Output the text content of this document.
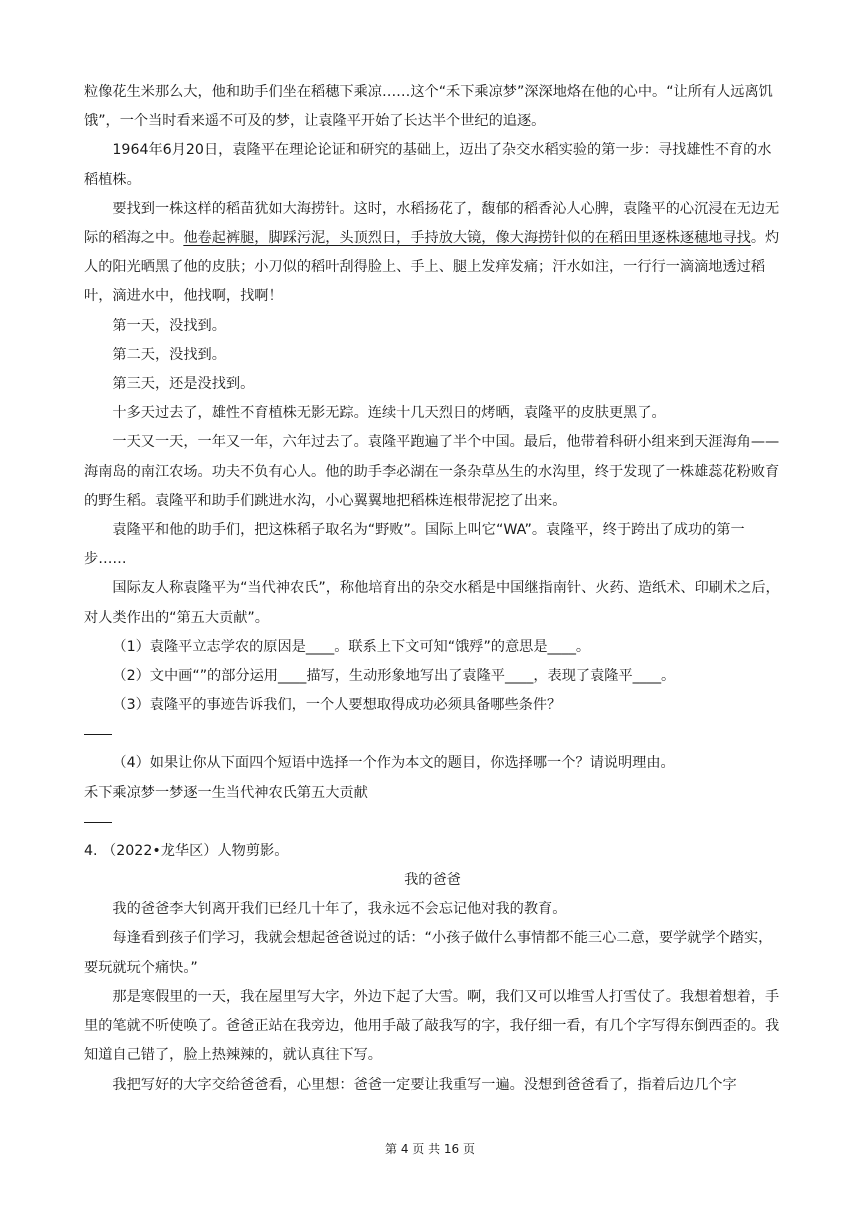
粒像花生米那么大，他和助手们坐在稻穗下乘凉……这个“禾下乘凉梦”深深地烙在他的心中。“让所有人远离饥饿”，一个当时看来遥不可及的梦，让袁隆平开始了长达半个世纪的追逐。

1964年6月20日，袁隆平在理论论证和研究的基础上，迈出了杂交水稻实验的第一步：寻找雄性不育的水稻植株。

要找到一株这样的稻苗犹如大海捞针。这时，水稻扬花了，馥郁的稻香沁人心脾，袁隆平的心沉浸在无边无际的稻海之中。他卷起裤腿，脚踩污泥，头顶烈日，手持放大镜，像大海捞针似的在稻田里逐株逐穗地寻找。灼人的阳光晒黑了他的皮肤；小刀似的稻叶刮得脸上、手上、腿上发痒发痛；汗水如注，一行行一滴滴地透过稻叶，滴进水中，他找啊，找啊！

第一天，没找到。

第二天，没找到。

第三天，还是没找到。

十多天过去了，雄性不育植株无影无踪。连续十几天烈日的烤晒，袁隆平的皮肤更黑了。

一天又一天，一年又一年，六年过去了。袁隆平跑遍了半个中国。最后，他带着科研小组来到天涯海角——海南岛的南江农场。功夫不负有心人。他的助手李必湖在一条杂草丛生的水沟里，终于发现了一株雄蕊花粉败育的野生稻。袁隆平和助手们跳进水沟，小心翼翼地把稻株连根带泥挖了出来。

袁隆平和他的助手们，把这株稻子取名为“野败”。国际上叫它“WA”。袁隆平，终于跨出了成功的第一步……

国际友人称袁隆平为“当代神农氏”，称他培育出的杂交水稻是中国继指南针、火药、造纸术、印刷术之后，对人类作出的“第五大贡献”。

（1）袁隆平立志学农的原因是____。联系上下文可知“饿殍”的意思是____。

（2）文中画“”的部分运用____描写，生动形象地写出了袁隆平____，表现了袁隆平____。

（3）袁隆平的事迹告诉我们，一个人要想取得成功必须具备哪些条件？

（4）如果让你从下面四个短语中选择一个作为本文的题目，你选择哪一个？请说明理由。

禾下乘凉梦一梦逐一生当代神农氏第五大贡献

4. （2022•龙华区）人物剪影。

我的爸爸

我的爸爸李大钊离开我们已经几十年了，我永远不会忘记他对我的教育。

每逢看到孩子们学习，我就会想起爸爸说过的话：“小孩子做什么事情都不能三心二意，要学就学个踏实，要玩就玩个痛快。”

那是寒假里的一天，我在屋里写大字，外边下起了大雪。啊，我们又可以堆雪人打雪仗了。我想着想着，手里的笔就不听使唤了。爸爸正站在我旁边，他用手敲了敲我写的字，我仔细一看，有几个字写得东倒西歪的。我知道自己错了，脸上热辣辣的，就认真往下写。

我把写好的大字交给爸爸看，心里想：爸爸一定要让我重写一遍。没想到爸爸看了，指着后边几个字

第 4 页 共 16 页
